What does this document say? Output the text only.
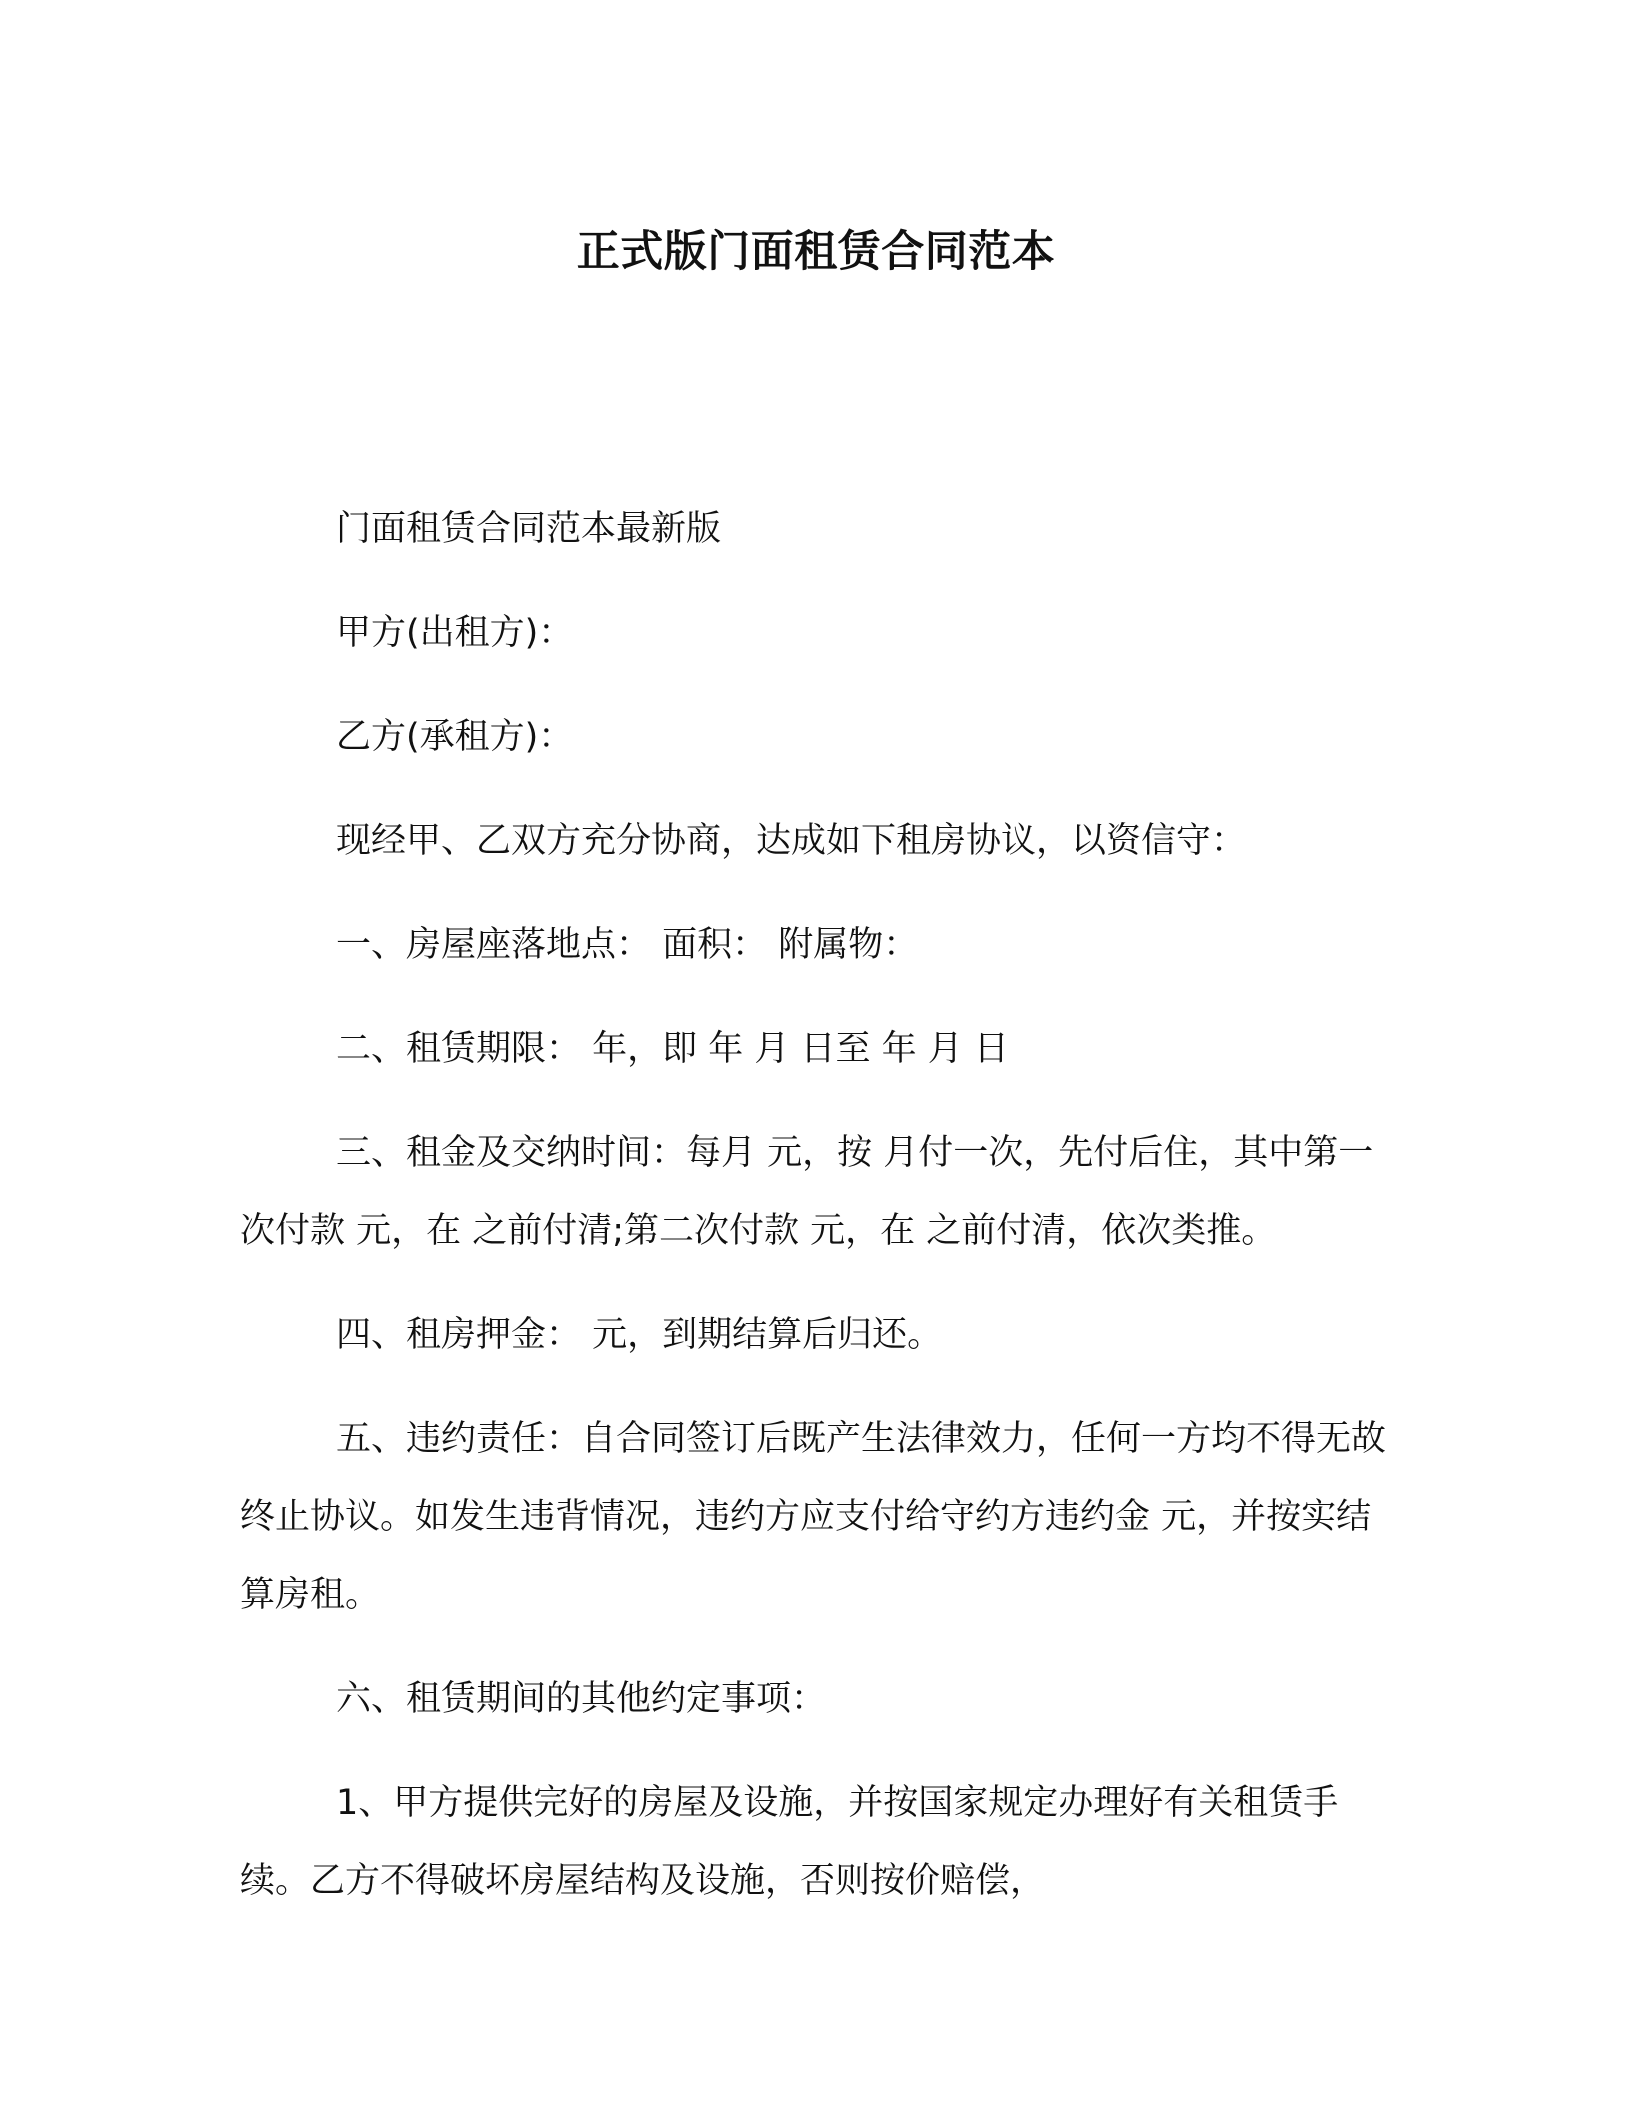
正式版门面租赁合同范本

门面租赁合同范本最新版

甲方(出租方)：

乙方(承租方)：

现经甲、乙双方充分协商，达成如下租房协议，以资信守：

一、房屋座落地点： 面积： 附属物：

二、租赁期限： 年，即 年 月 日至 年 月 日

三、租金及交纳时间：每月 元，按 月付一次，先付后住，其中第一次付款 元，在 之前付清;第二次付款 元，在 之前付清，依次类推。

四、租房押金： 元，到期结算后归还。

五、违约责任：自合同签订后既产生法律效力，任何一方均不得无故终止协议。如发生违背情况，违约方应支付给守约方违约金 元，并按实结算房租。

六、租赁期间的其他约定事项：

1、甲方提供完好的房屋及设施，并按国家规定办理好有关租赁手续。乙方不得破坏房屋结构及设施，否则按价赔偿，
